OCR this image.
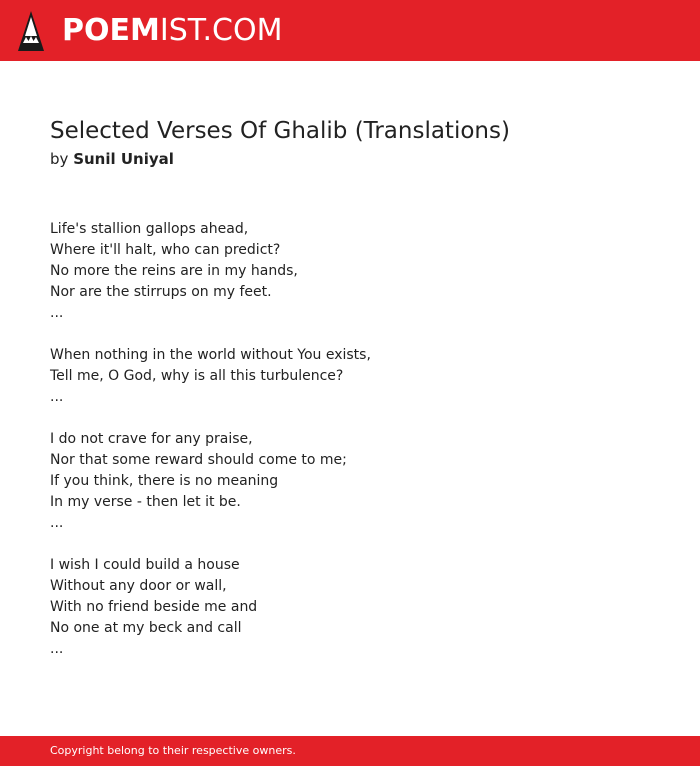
POEMIST.COM
Selected Verses Of Ghalib (Translations)
by Sunil Uniyal
Life's stallion gallops ahead,
Where it'll halt, who can predict?
No more the reins are in my hands,
Nor are the stirrups on my feet.
...
When nothing in the world without You exists,
Tell me, O God, why is all this turbulence?
...
I do not crave for any praise,
Nor that some reward should come to me;
If you think, there is no meaning
In my verse - then let it be.
...
I wish I could build a house
Without any door or wall,
With no friend beside me and
No one at my beck and call
...
Copyright belong to their respective owners.
